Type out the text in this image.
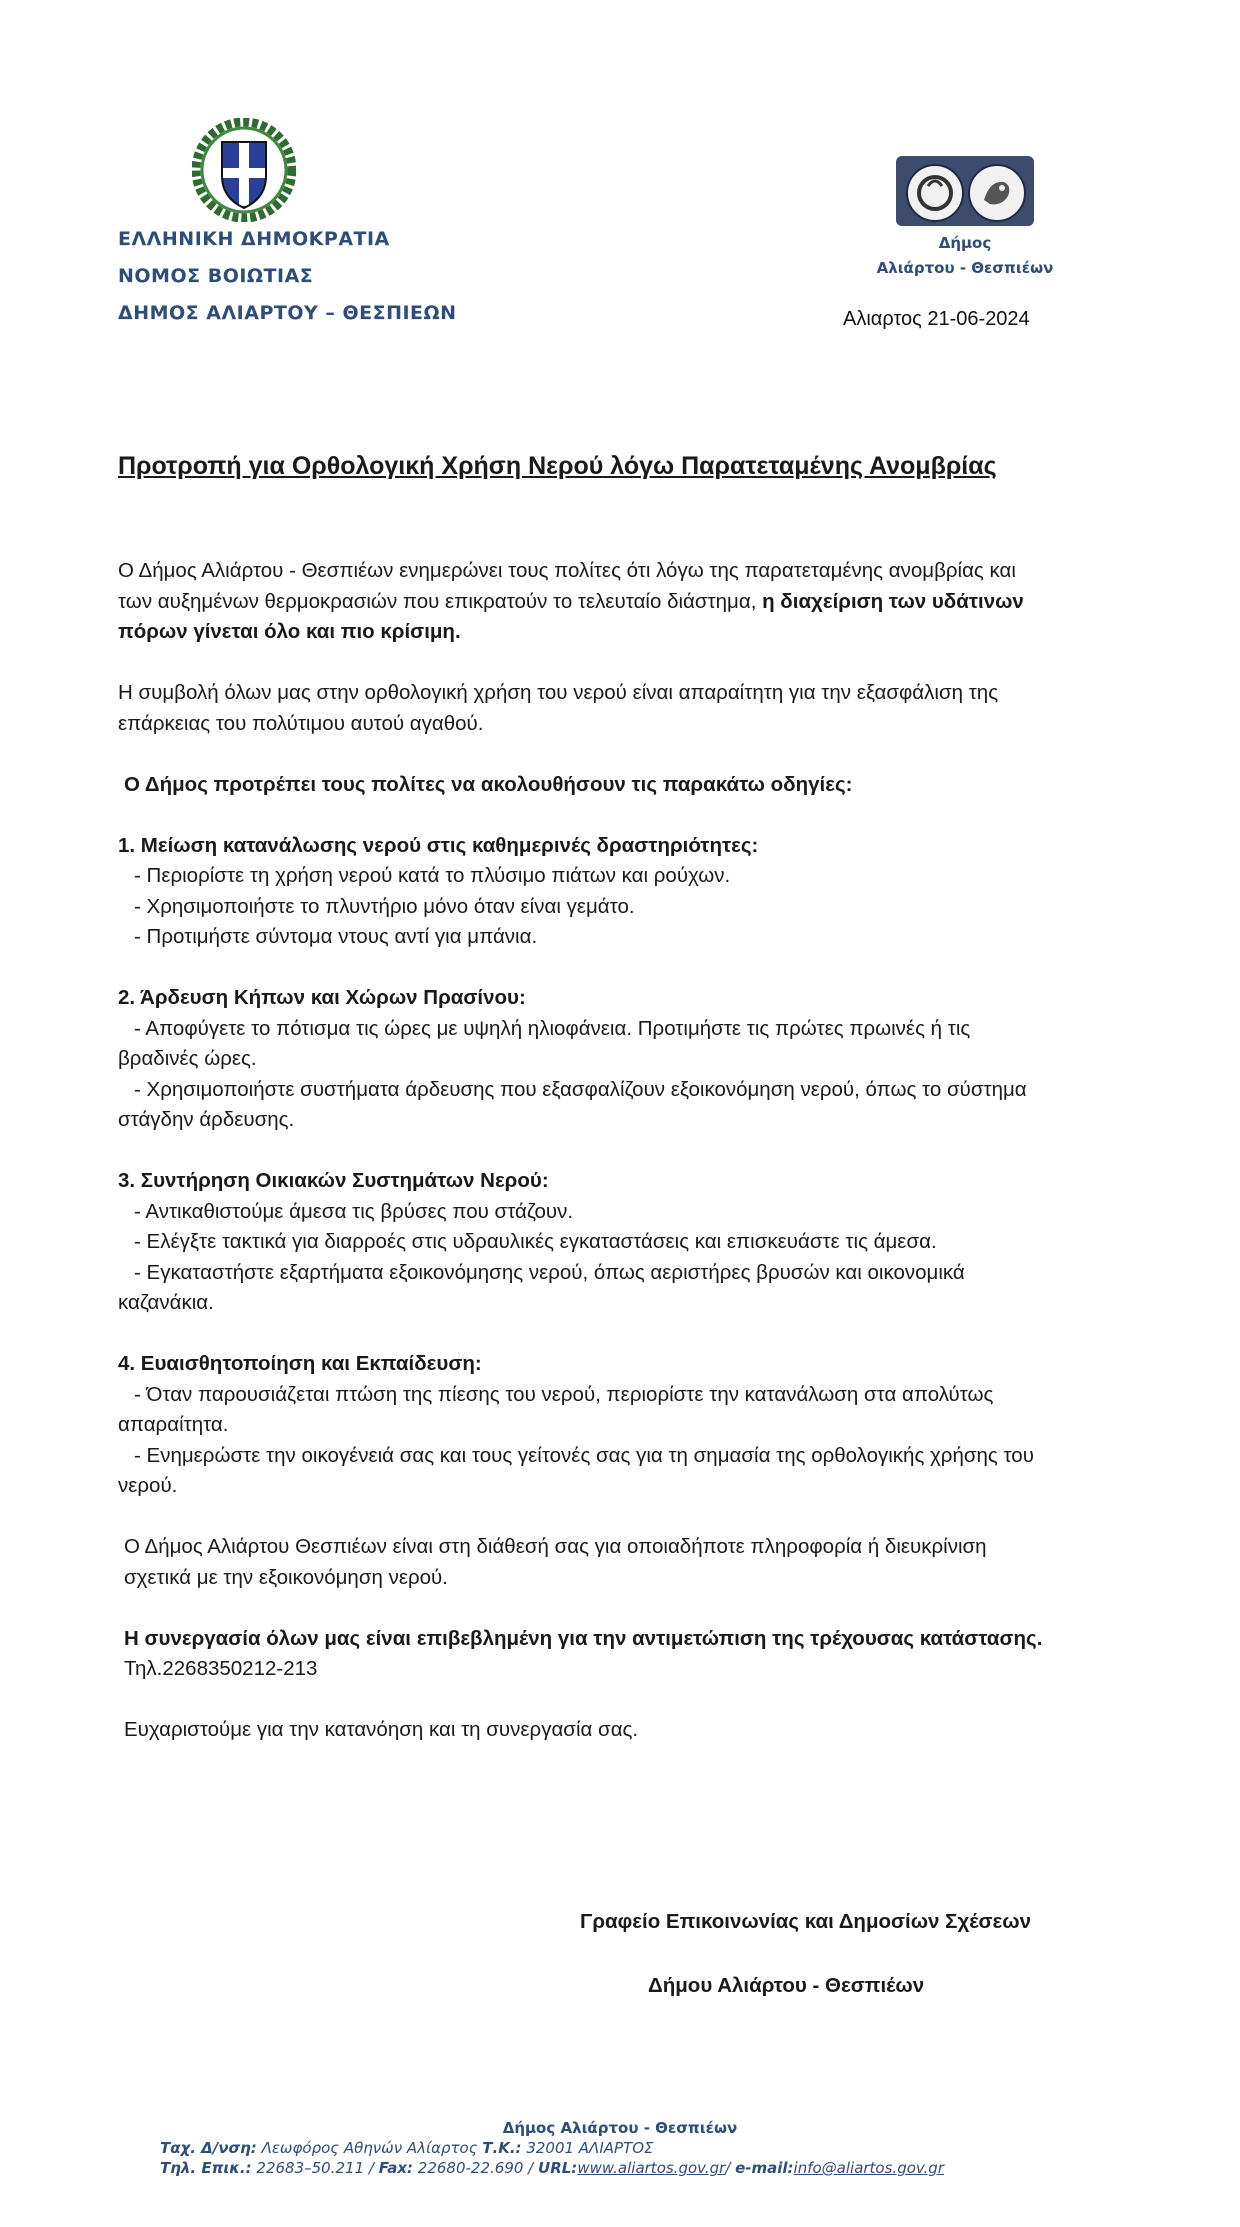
ΕΛΛΗΝΙΚΗ ΔΗΜΟΚΡΑΤΙΑ
ΝΟΜΟΣ ΒΟΙΩΤΙΑΣ
ΔΗΜΟΣ ΑΛΙΑΡΤΟΥ – ΘΕΣΠΙΕΩΝ
Δήμος
Αλιάρτου - Θεσπιέων
Αλιαρτος 21-06-2024
Προτροπή για Ορθολογική Χρήση Νερού λόγω Παρατεταμένης Ανομβρίας

Ο Δήμος Αλιάρτου - Θεσπιέων ενημερώνει τους πολίτες ότι λόγω της παρατεταμένης ανομβρίας και

των αυξημένων θερμοκρασιών που επικρατούν το τελευταίο διάστημα, η διαχείριση των υδάτινων

πόρων γίνεται όλο και πιο κρίσιμη.

Η συμβολή όλων μας στην ορθολογική χρήση του νερού είναι απαραίτητη για την εξασφάλιση της

επάρκειας του πολύτιμου αυτού αγαθού.

Ο Δήμος προτρέπει τους πολίτες να ακολουθήσουν τις παρακάτω οδηγίες:

1. Μείωση κατανάλωσης νερού στις καθημερινές δραστηριότητες:

- Περιορίστε τη χρήση νερού κατά το πλύσιμο πιάτων και ρούχων.

- Χρησιμοποιήστε το πλυντήριο μόνο όταν είναι γεμάτο.

- Προτιμήστε σύντομα ντους αντί για μπάνια.

2. Άρδευση Κήπων και Χώρων Πρασίνου:

- Αποφύγετε το πότισμα τις ώρες με υψηλή ηλιοφάνεια. Προτιμήστε τις πρώτες πρωινές ή τις

βραδινές ώρες.

- Χρησιμοποιήστε συστήματα άρδευσης που εξασφαλίζουν εξοικονόμηση νερού, όπως το σύστημα

στάγδην άρδευσης.

3. Συντήρηση Οικιακών Συστημάτων Νερού:

- Αντικαθιστούμε άμεσα τις βρύσες που στάζουν.

- Ελέγξτε τακτικά για διαρροές στις υδραυλικές εγκαταστάσεις και επισκευάστε τις άμεσα.

- Εγκαταστήστε εξαρτήματα εξοικονόμησης νερού, όπως αεριστήρες βρυσών και οικονομικά

καζανάκια.

4. Ευαισθητοποίηση και Εκπαίδευση:

- Όταν παρουσιάζεται πτώση της πίεσης του νερού, περιορίστε την κατανάλωση στα απολύτως

απαραίτητα.

- Ενημερώστε την οικογένειά σας και τους γείτονές σας για τη σημασία της ορθολογικής χρήσης του

νερού.

Ο Δήμος Αλιάρτου Θεσπιέων είναι στη διάθεσή σας για οποιαδήποτε πληροφορία ή διευκρίνιση

σχετικά με την εξοικονόμηση νερού.

Η συνεργασία όλων μας είναι επιβεβλημένη για την αντιμετώπιση της τρέχουσας κατάστασης.

Τηλ.2268350212-213

Ευχαριστούμε για την κατανόηση και τη συνεργασία σας.

Γραφείο Επικοινωνίας και Δημοσίων Σχέσεων
Δήμου Αλιάρτου - Θεσπιέων
Δήμος Αλιάρτου - Θεσπιέων
Ταχ. Δ/νση: Λεωφόρος Αθηνών Αλίαρτος Τ.Κ.: 32001 ΑΛΙΑΡΤΟΣ
Τηλ. Επικ.: 22683–50.211 / Fax: 22680-22.690 / URL:www.aliartos.gov.gr/ e-mail:info@aliartos.gov.gr
